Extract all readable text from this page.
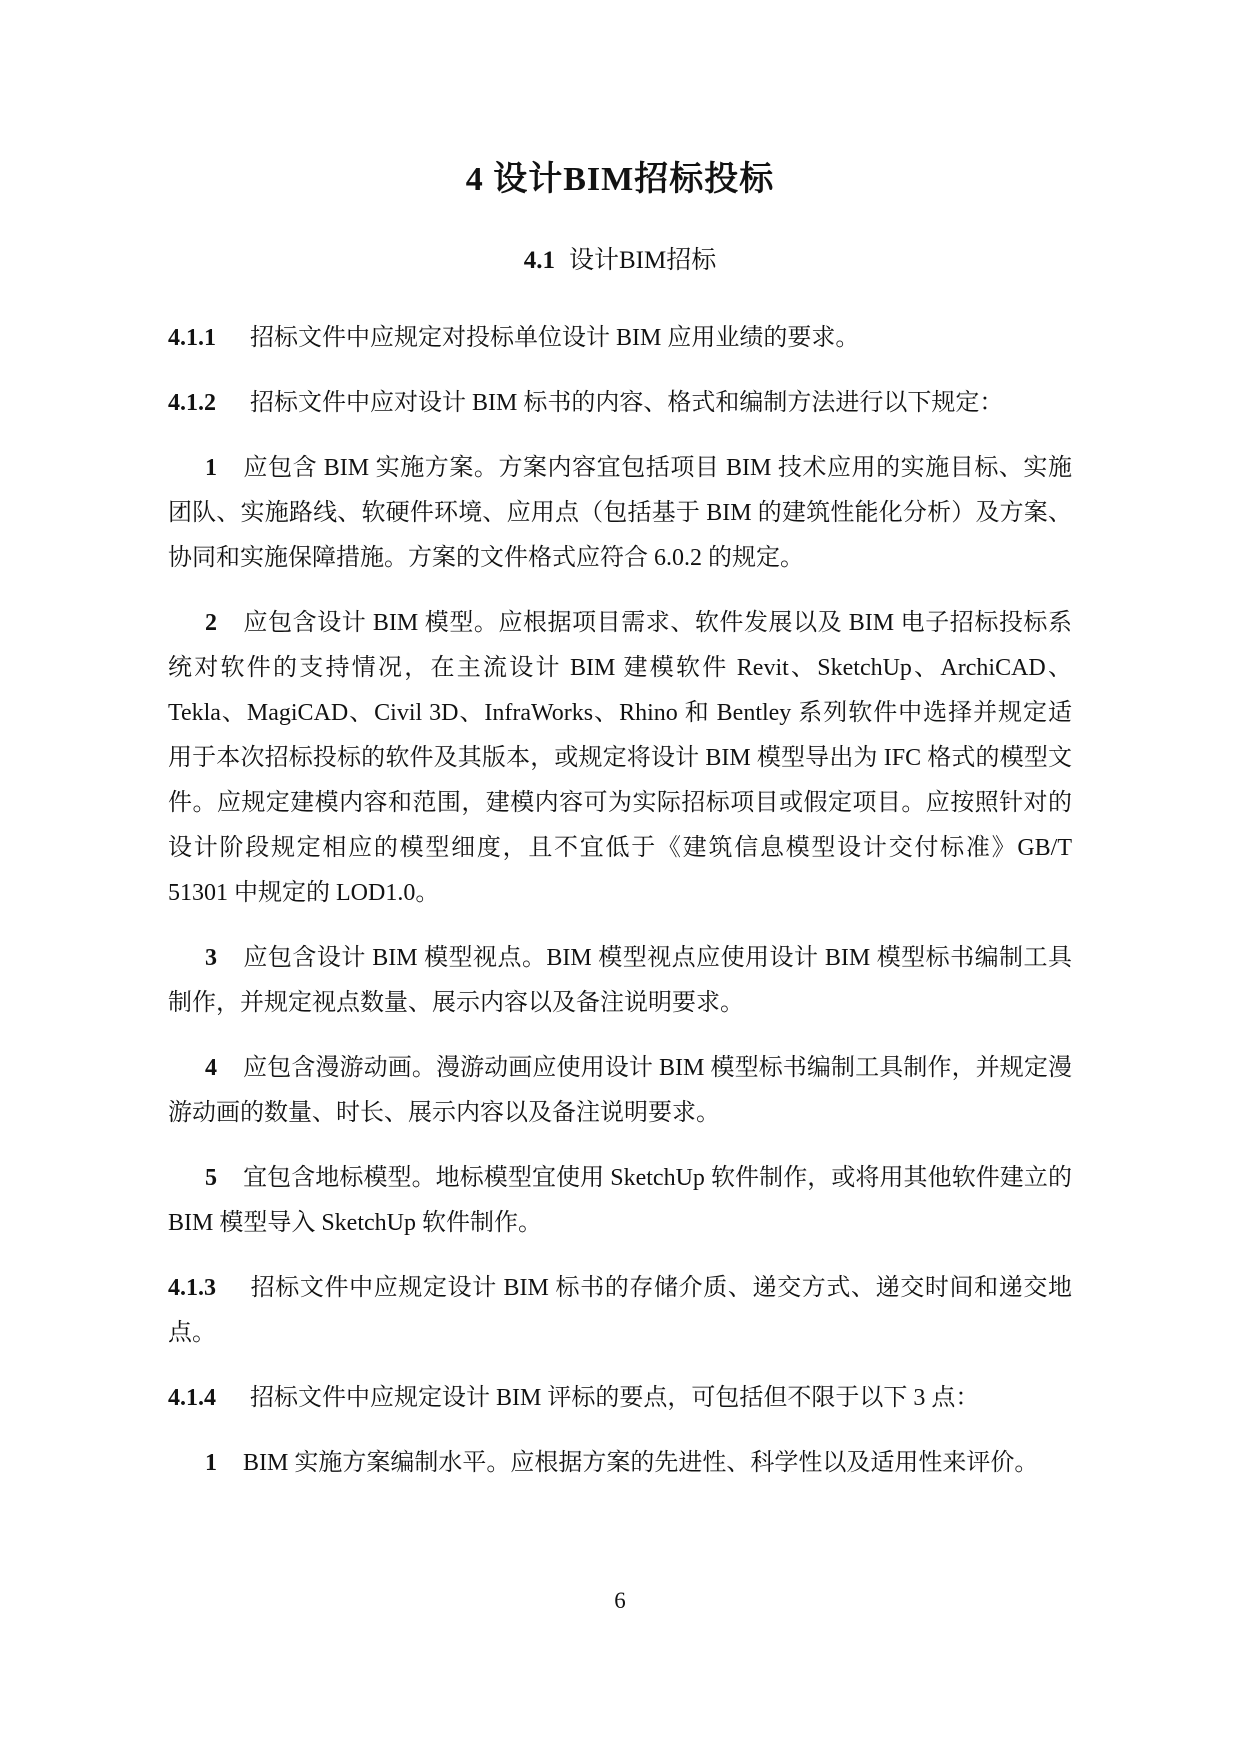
4 设计BIM招标投标
4.1 设计BIM招标

4.1.1 招标文件中应规定对投标单位设计 BIM 应用业绩的要求。

4.1.2 招标文件中应对设计 BIM 标书的内容、格式和编制方法进行以下规定：

1 应包含 BIM 实施方案。方案内容宜包括项目 BIM 技术应用的实施目标、实施团队、实施路线、软硬件环境、应用点（包括基于 BIM 的建筑性能化分析）及方案、协同和实施保障措施。方案的文件格式应符合 6.0.2 的规定。

2 应包含设计 BIM 模型。应根据项目需求、软件发展以及 BIM 电子招标投标系统对软件的支持情况，在主流设计 BIM 建模软件 Revit、SketchUp、ArchiCAD、Tekla、MagiCAD、Civil 3D、InfraWorks、Rhino 和 Bentley 系列软件中选择并规定适用于本次招标投标的软件及其版本，或规定将设计 BIM 模型导出为 IFC 格式的模型文件。应规定建模内容和范围，建模内容可为实际招标项目或假定项目。应按照针对的设计阶段规定相应的模型细度，且不宜低于《建筑信息模型设计交付标准》GB/T 51301 中规定的 LOD1.0。

3 应包含设计 BIM 模型视点。BIM 模型视点应使用设计 BIM 模型标书编制工具制作，并规定视点数量、展示内容以及备注说明要求。

4 应包含漫游动画。漫游动画应使用设计 BIM 模型标书编制工具制作，并规定漫游动画的数量、时长、展示内容以及备注说明要求。

5 宜包含地标模型。地标模型宜使用 SketchUp 软件制作，或将用其他软件建立的 BIM 模型导入 SketchUp 软件制作。

4.1.3 招标文件中应规定设计 BIM 标书的存储介质、递交方式、递交时间和递交地点。

4.1.4 招标文件中应规定设计 BIM 评标的要点，可包括但不限于以下 3 点：

1 BIM 实施方案编制水平。应根据方案的先进性、科学性以及适用性来评价。

6
